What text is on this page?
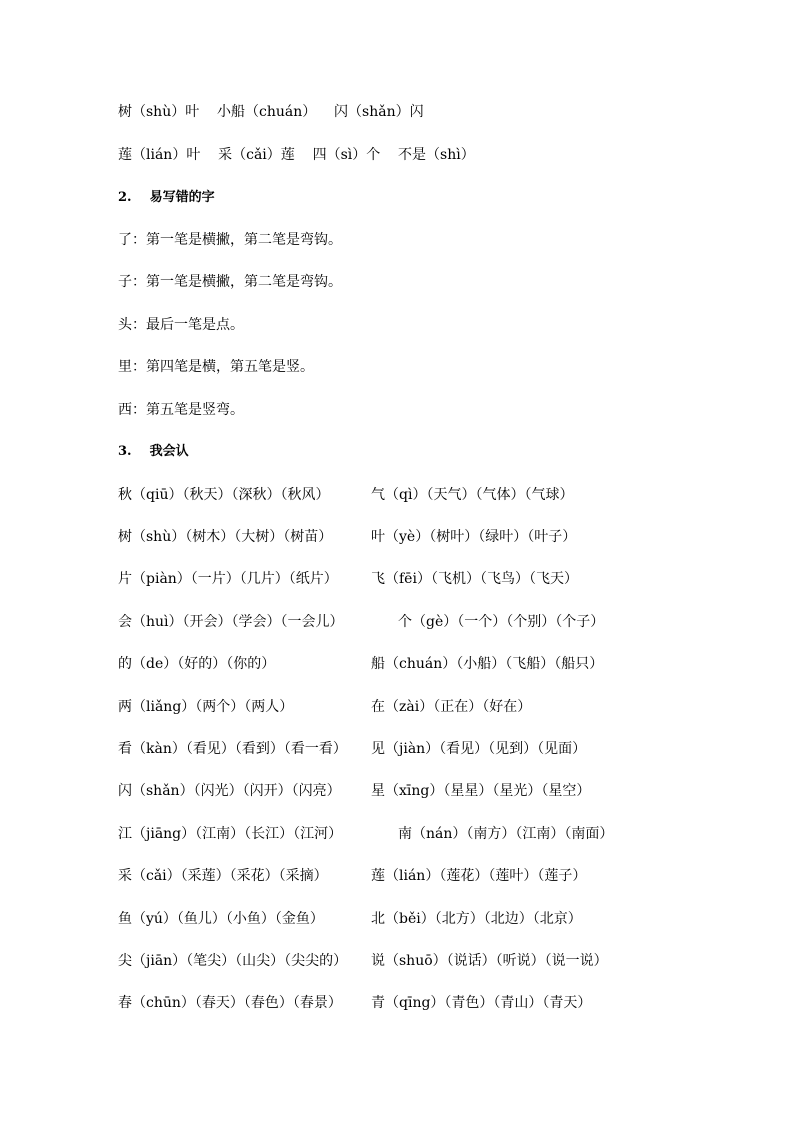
树（shù）叶    小船（chuán）    闪（shǎn）闪
莲（lián）叶    采（cǎi）莲    四（sì）个    不是（shì）
2.    易写错的字
了：第一笔是横撇，第二笔是弯钩。
子：第一笔是横撇，第二笔是弯钩。
头：最后一笔是点。
里：第四笔是横，第五笔是竖。
西：第五笔是竖弯。
3.    我会认
秋（qiū）（秋天）（深秋）（秋风）	气（qì）（天气）（气体）（气球）
树（shù）（树木）（大树）（树苗）	叶（yè）（树叶）（绿叶）（叶子）
片（piàn）（一片）（几片）（纸片） 飞（fēi）（飞机）（飞鸟）（飞天）
会（huì）（开会）（学会）（一会儿）	个（gè）（一个）（个别）（个子）
的（de）（好的）（你的）	船（chuán）（小船）（飞船）（船只）
两（liǎng）（两个）（两人）	在（zài）（正在）（好在）
看（kàn）（看见）（看到）（看一看） 见（jiàn）（看见）（见到）（见面）
闪（shǎn）（闪光）（闪开）（闪亮） 星（xīng）（星星）（星光）（星空）
江（jiāng）（江南）（长江）（江河）	南（nán）（南方）（江南）（南面）
采（cǎi）（采莲）（采花）（采摘）	莲（lián）（莲花）（莲叶）（莲子）
鱼（yú）（鱼儿）（小鱼）（金鱼）	北（běi）（北方）（北边）（北京）
尖（jiān）（笔尖）（山尖）（尖尖的） 说（shuō）（说话）（听说）（说一说）
春（chūn）（春天）（春色）（春景） 青（qīng）（青色）（青山）（青天）
